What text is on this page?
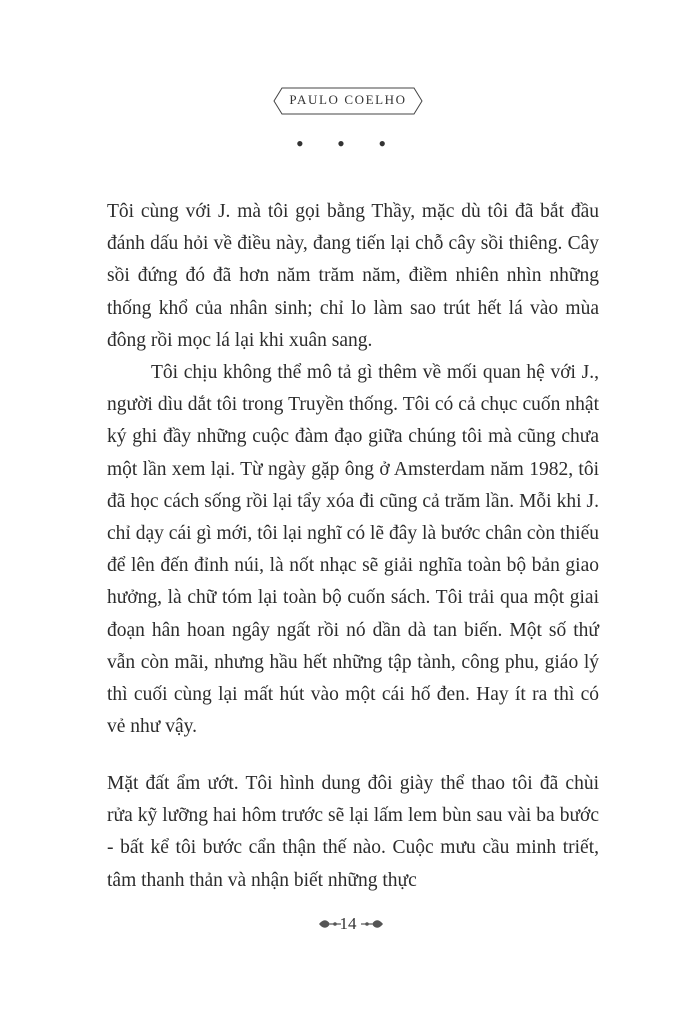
PAULO COELHO
• • •

Tôi cùng với J. mà tôi gọi bằng Thầy, mặc dù tôi đã bắt đầu đánh dấu hỏi về điều này, đang tiến lại chỗ cây sồi thiêng. Cây sồi đứng đó đã hơn năm trăm năm, điềm nhiên nhìn những thống khổ của nhân sinh; chỉ lo làm sao trút hết lá vào mùa đông rồi mọc lá lại khi xuân sang.

Tôi chịu không thể mô tả gì thêm về mối quan hệ với J., người dìu dắt tôi trong Truyền thống. Tôi có cả chục cuốn nhật ký ghi đầy những cuộc đàm đạo giữa chúng tôi mà cũng chưa một lần xem lại. Từ ngày gặp ông ở Amsterdam năm 1982, tôi đã học cách sống rồi lại tẩy xóa đi cũng cả trăm lần. Mỗi khi J. chỉ dạy cái gì mới, tôi lại nghĩ có lẽ đây là bước chân còn thiếu để lên đến đỉnh núi, là nốt nhạc sẽ giải nghĩa toàn bộ bản giao hưởng, là chữ tóm lại toàn bộ cuốn sách. Tôi trải qua một giai đoạn hân hoan ngây ngất rồi nó dần dà tan biến. Một số thứ vẫn còn mãi, nhưng hầu hết những tập tành, công phu, giáo lý thì cuối cùng lại mất hút vào một cái hố đen. Hay ít ra thì có vẻ như vậy.

Mặt đất ẩm ướt. Tôi hình dung đôi giày thể thao tôi đã chùi rửa kỹ lưỡng hai hôm trước sẽ lại lấm lem bùn sau vài ba bước - bất kể tôi bước cẩn thận thế nào. Cuộc mưu cầu minh triết, tâm thanh thản và nhận biết những thực

14
